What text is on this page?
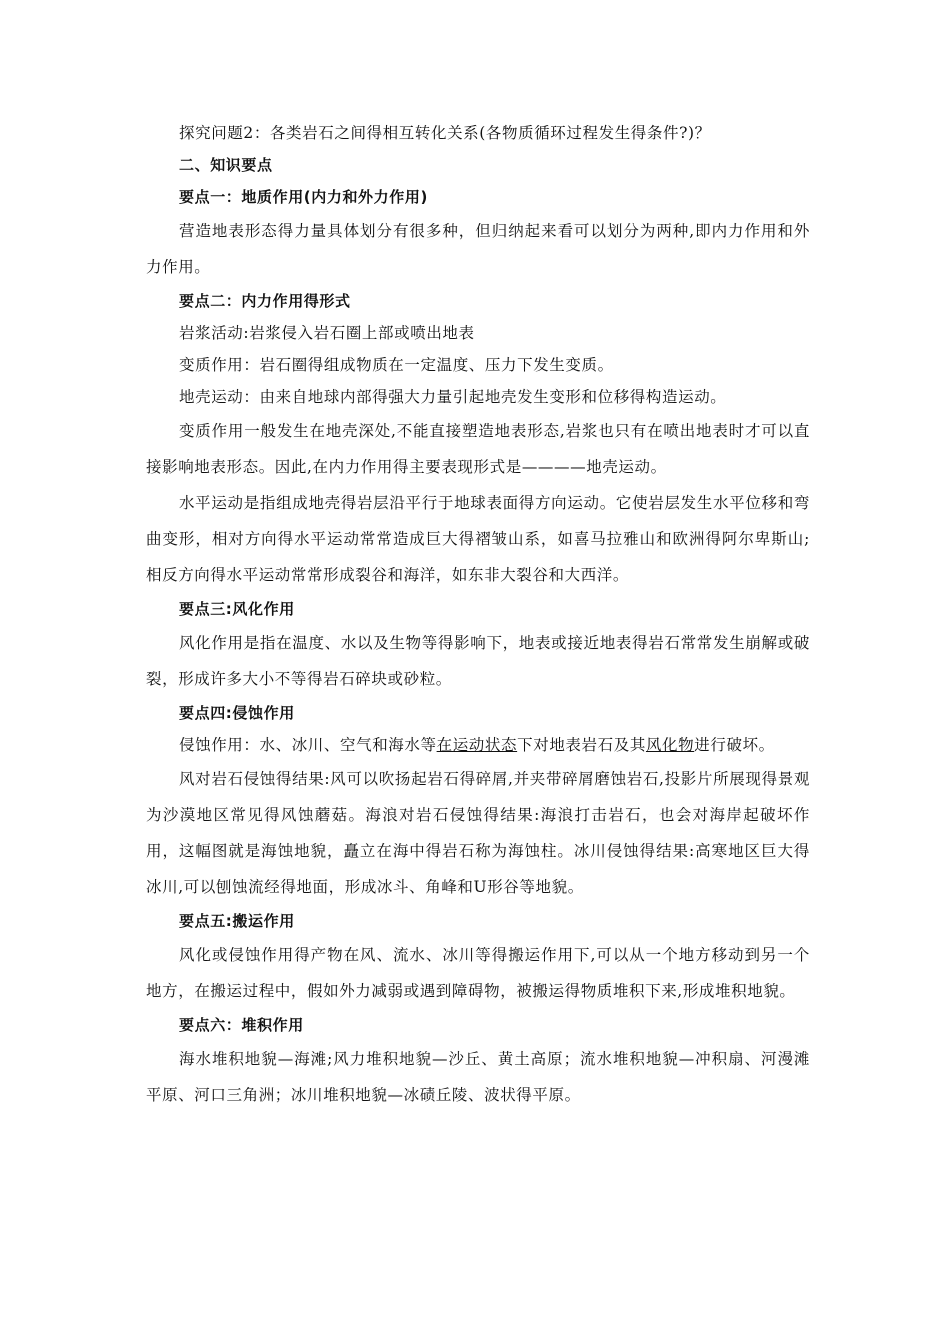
探究问题2：各类岩石之间得相互转化关系(各物质循环过程发生得条件?)？

二、知识要点

要点一：地质作用(内力和外力作用)

营造地表形态得力量具体划分有很多种，但归纳起来看可以划分为两种,即内力作用和外力作用。

要点二：内力作用得形式

岩浆活动:岩浆侵入岩石圈上部或喷出地表

变质作用：岩石圈得组成物质在一定温度、压力下发生变质。

地壳运动：由来自地球内部得强大力量引起地壳发生变形和位移得构造运动。

变质作用一般发生在地壳深处,不能直接塑造地表形态,岩浆也只有在喷出地表时才可以直接影响地表形态。因此,在内力作用得主要表现形式是————地壳运动。

水平运动是指组成地壳得岩层沿平行于地球表面得方向运动。它使岩层发生水平位移和弯曲变形，相对方向得水平运动常常造成巨大得褶皱山系，如喜马拉雅山和欧洲得阿尔卑斯山;相反方向得水平运动常常形成裂谷和海洋，如东非大裂谷和大西洋。

要点三:风化作用

风化作用是指在温度、水以及生物等得影响下，地表或接近地表得岩石常常发生崩解或破裂，形成许多大小不等得岩石碎块或砂粒。

要点四:侵蚀作用

侵蚀作用：水、冰川、空气和海水等在运动状态下对地表岩石及其风化物进行破坏。

风对岩石侵蚀得结果:风可以吹扬起岩石得碎屑,并夹带碎屑磨蚀岩石,投影片所展现得景观为沙漠地区常见得风蚀蘑菇。海浪对岩石侵蚀得结果:海浪打击岩石，也会对海岸起破坏作用，这幅图就是海蚀地貌，矗立在海中得岩石称为海蚀柱。冰川侵蚀得结果:高寒地区巨大得冰川,可以刨蚀流经得地面，形成冰斗、角峰和U形谷等地貌。

要点五:搬运作用

风化或侵蚀作用得产物在风、流水、冰川等得搬运作用下,可以从一个地方移动到另一个地方，在搬运过程中，假如外力减弱或遇到障碍物，被搬运得物质堆积下来,形成堆积地貌。

要点六：堆积作用

海水堆积地貌—海滩;风力堆积地貌—沙丘、黄土高原；流水堆积地貌—冲积扇、河漫滩平原、河口三角洲；冰川堆积地貌—冰碛丘陵、波状得平原。
